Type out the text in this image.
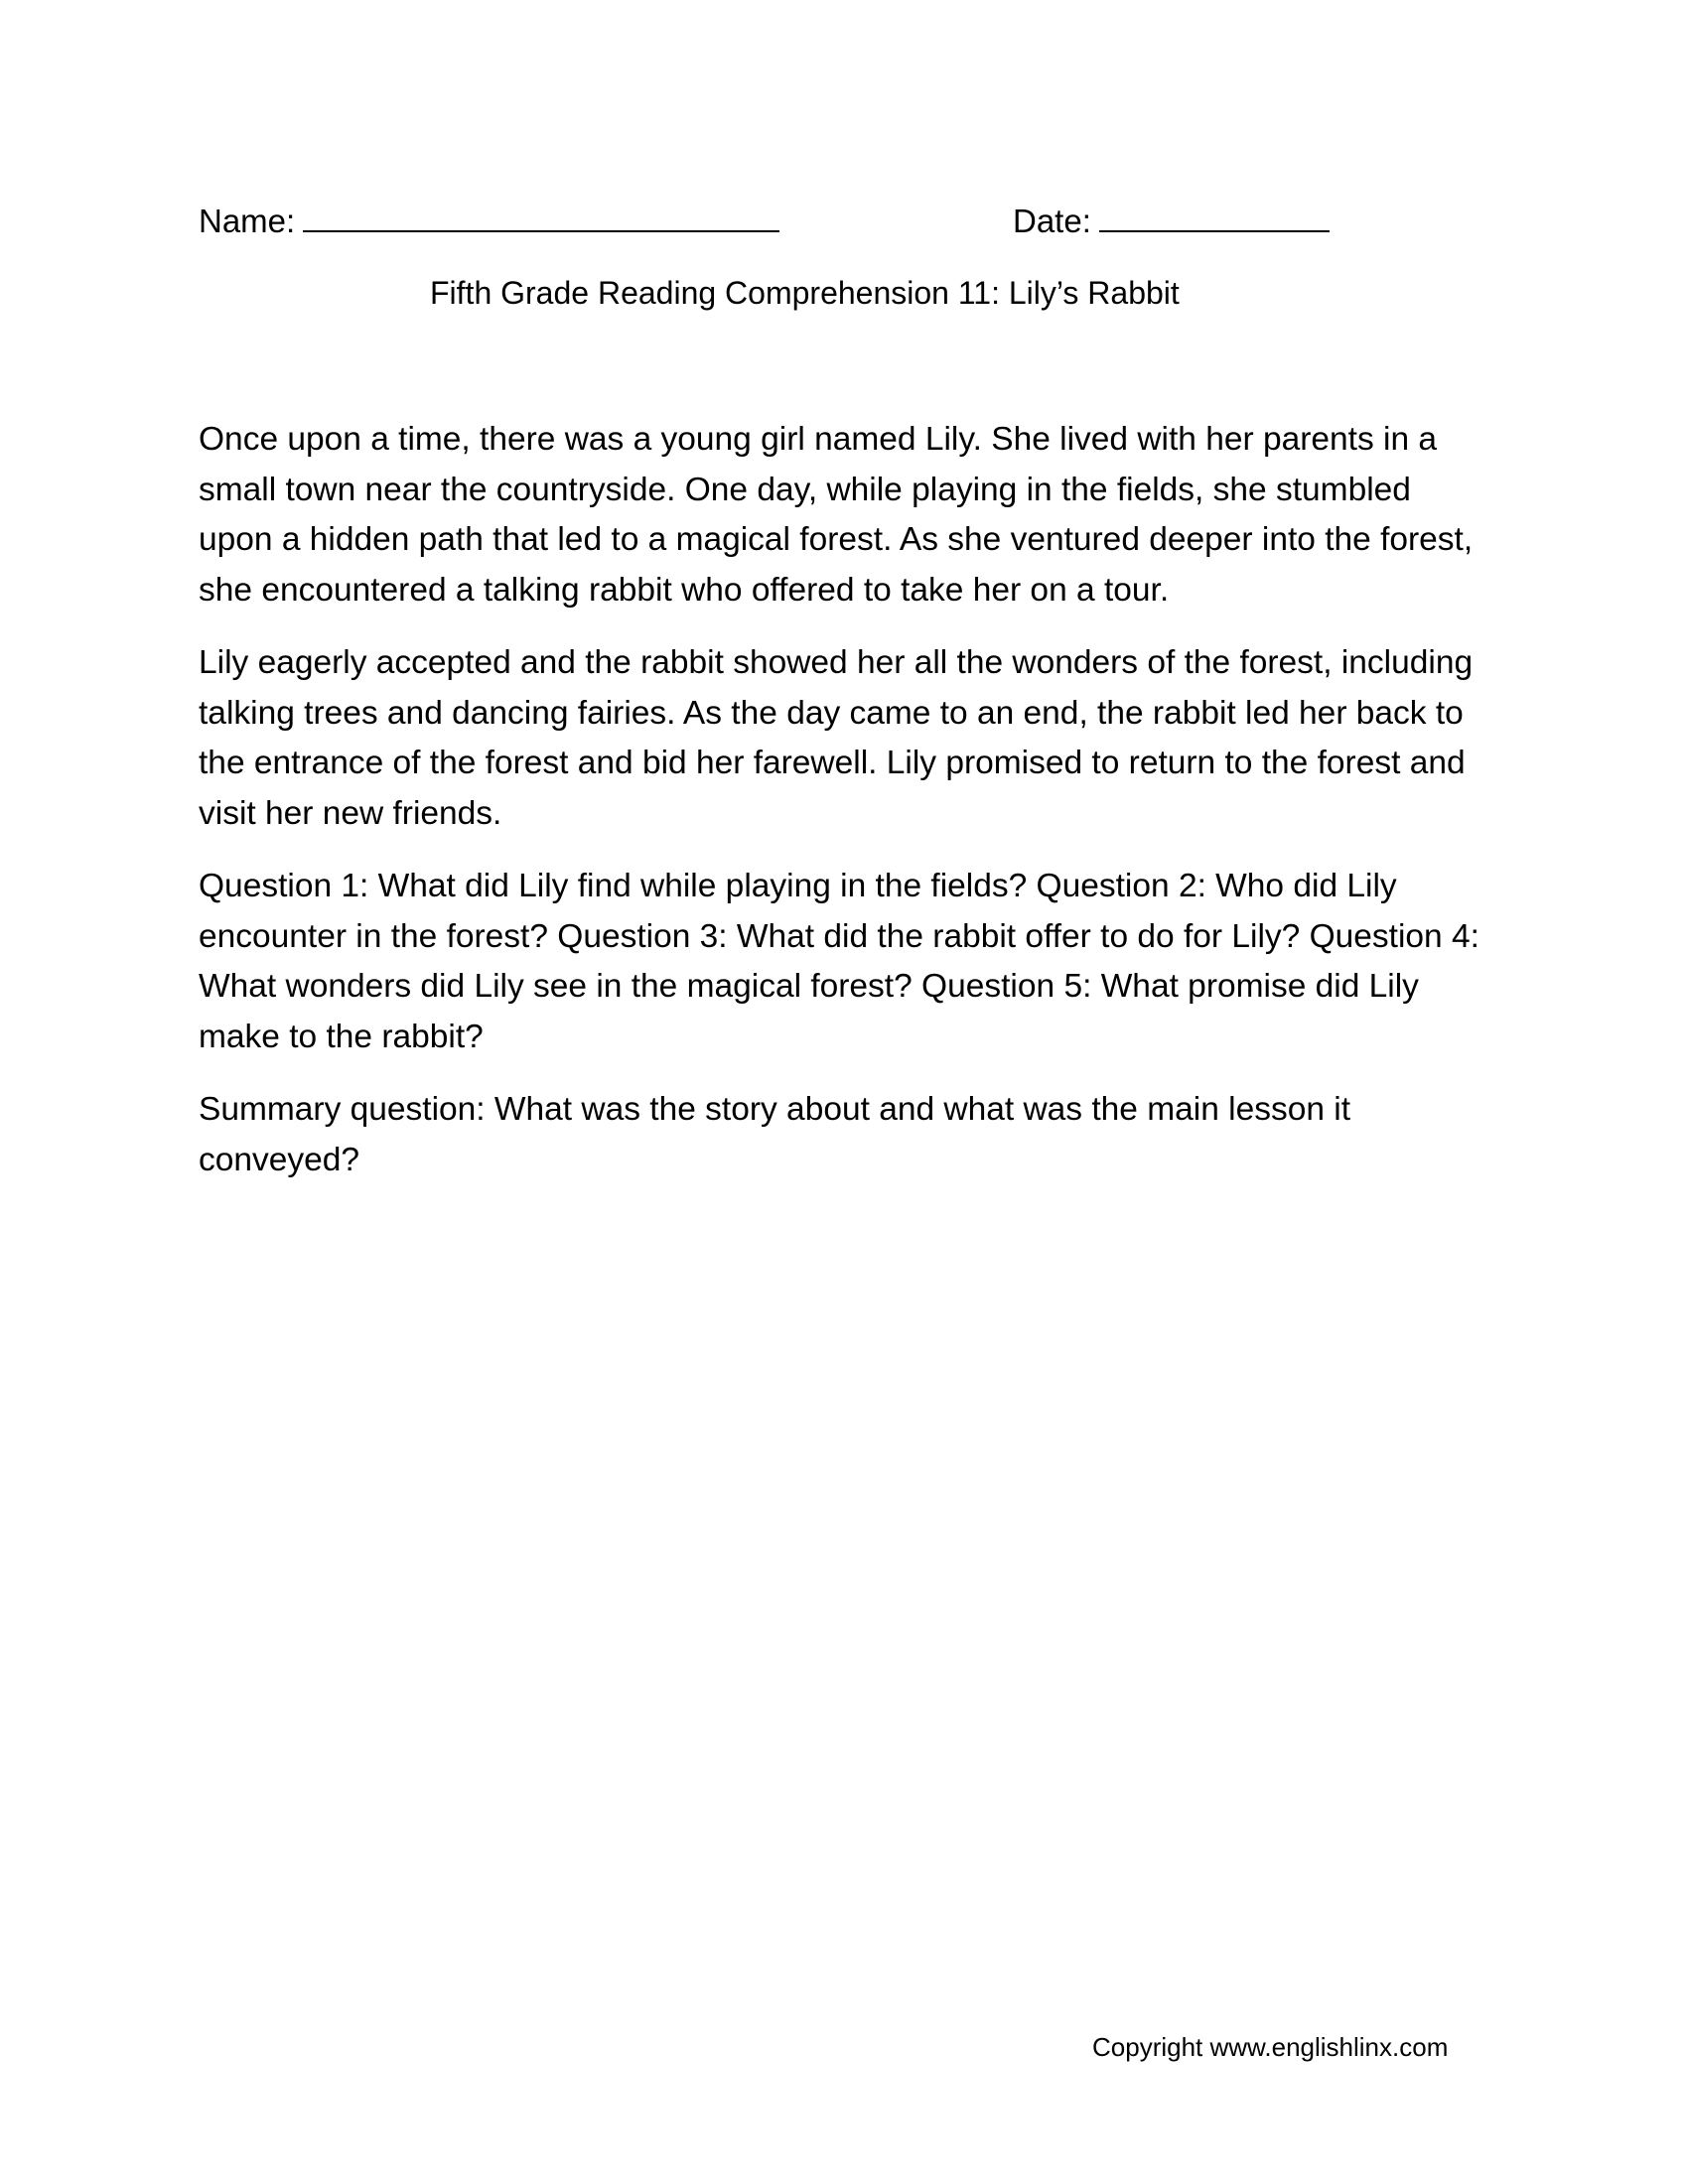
Name:	Date:
Fifth Grade Reading Comprehension 11: Lily’s Rabbit

Once upon a time, there was a young girl named Lily. She lived with her parents in a small town near the countryside. One day, while playing in the fields, she stumbled upon a hidden path that led to a magical forest. As she ventured deeper into the forest, she encountered a talking rabbit who offered to take her on a tour.

Lily eagerly accepted and the rabbit showed her all the wonders of the forest, including talking trees and dancing fairies. As the day came to an end, the rabbit led her back to the entrance of the forest and bid her farewell. Lily promised to return to the forest and visit her new friends.

Question 1: What did Lily find while playing in the fields? Question 2: Who did Lily encounter in the forest? Question 3: What did the rabbit offer to do for Lily? Question 4: What wonders did Lily see in the magical forest? Question 5: What promise did Lily make to the rabbit?

Summary question: What was the story about and what was the main lesson it conveyed?

Copyright www.englishlinx.com
